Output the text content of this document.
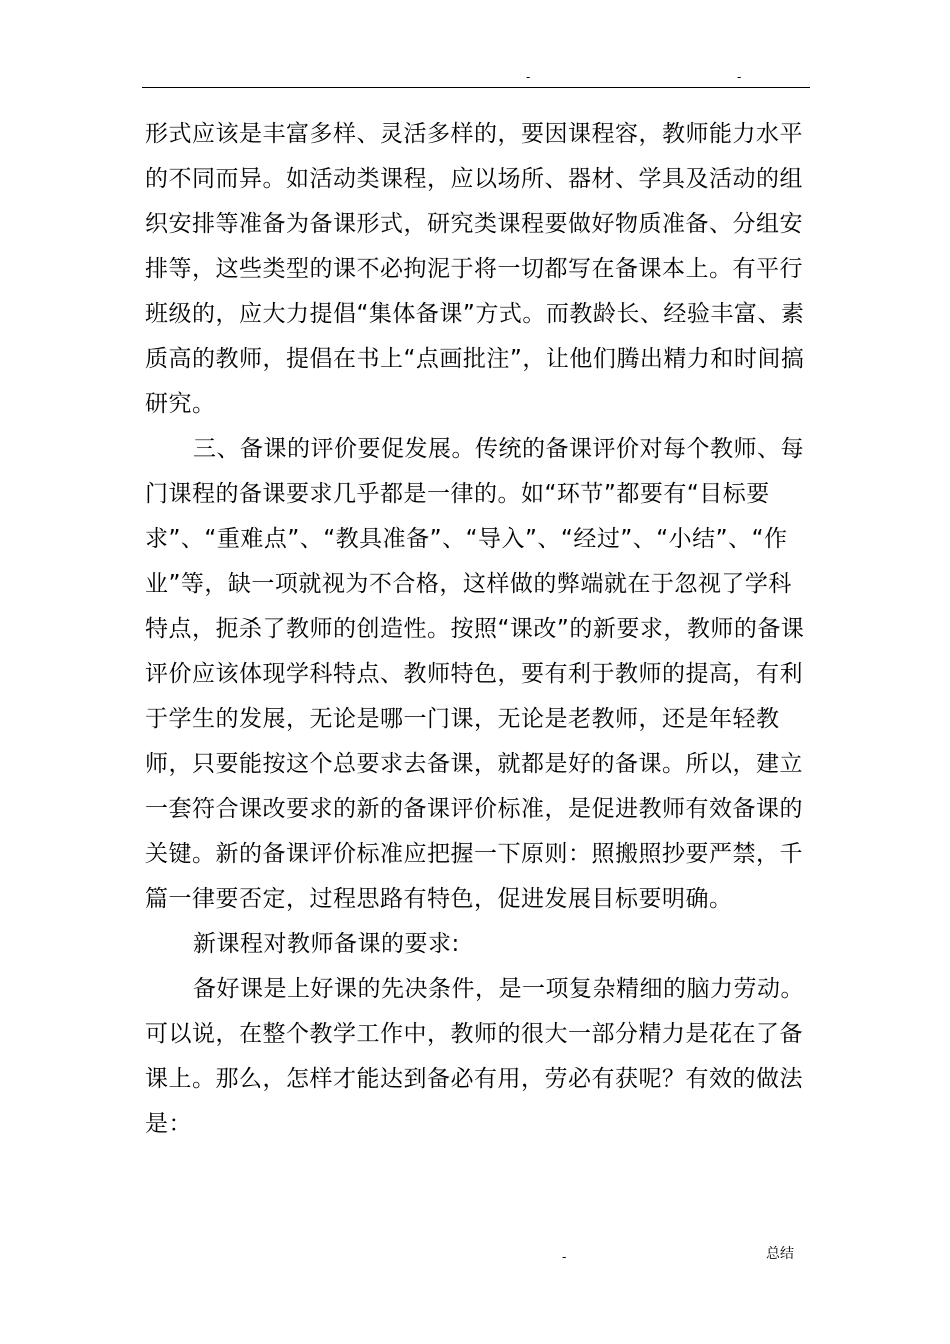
-	-

形式应该是丰富多样、灵活多样的，要因课程容，教师能力水平的不同而异。如活动类课程，应以场所、器材、学具及活动的组织安排等准备为备课形式，研究类课程要做好物质准备、分组安排等，这些类型的课不必拘泥于将一切都写在备课本上。有平行班级的，应大力提倡“集体备课”方式。而教龄长、经验丰富、素质高的教师，提倡在书上“点画批注”，让他们腾出精力和时间搞研究。

三、备课的评价要促发展。传统的备课评价对每个教师、每门课程的备课要求几乎都是一律的。如“环节”都要有“目标要求”、“重难点”、“教具准备”、“导入”、“经过”、“小结”、“作业”等，缺一项就视为不合格，这样做的弊端就在于忽视了学科特点，扼杀了教师的创造性。按照“课改”的新要求，教师的备课评价应该体现学科特点、教师特色，要有利于教师的提高，有利于学生的发展，无论是哪一门课，无论是老教师，还是年轻教师，只要能按这个总要求去备课，就都是好的备课。所以，建立一套符合课改要求的新的备课评价标准，是促进教师有效备课的关键。新的备课评价标准应把握一下原则：照搬照抄要严禁，千篇一律要否定，过程思路有特色，促进发展目标要明确。

新课程对教师备课的要求:

备好课是上好课的先决条件，是一项复杂精细的脑力劳动。可以说，在整个教学工作中，教师的很大一部分精力是花在了备课上。那么，怎样才能达到备必有用，劳必有获呢？有效的做法是：

-	总结
